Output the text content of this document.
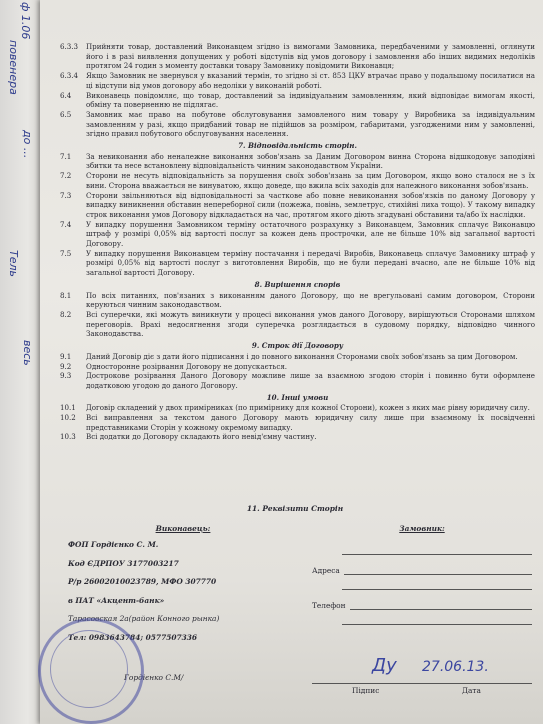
ф 1.06
повенера
до ...
Тель
весь
6.3.3 Прийняти товар, доставлений Виконавцем згідно із вимогами Замовника, передбаченими у замовленні, оглянути його і в разі виявлення допущених у роботі відступів від умов договору і замовлення або інших видимих недоліків протягом 24 годин з моменту доставки товару Замовнику повідомити Виконавця;
6.3.4 Якщо Замовник не звернувся у вказаний термін, то згідно зі ст. 853 ЦКУ втрачає право у подальшому посилатися на ці відступи від умов договору або недоліки у виконаній роботі.
6.4 Виконавець повідомляє, що товар, доставлений за індивідуальним замовленням, який відповідає вимогам якості, обміну та поверненню не підлягає.
6.5 Замовник має право на побутове обслуговування замовленого ним товару у Виробника за індивідуальним замовленням у разі, якщо придбаний товар не підійшов за розміром, габаритами, узгодженими ним у замовленні, згідно правил побутового обслуговування населення.
7. Відповідальність сторін.
7.1 За невиконання або неналежне виконання зобов'язань за Даним Договором винна Сторона відшкодовує заподіяні збитки та несе встановлену відповідальність чинним законодавством України.
7.2 Сторони не несуть відповідальність за порушення своїх зобов'язань за цим Договором, якщо воно сталося не з їх вини. Сторона вважається не винуватою, якщо доведе, що вжила всіх заходів для належного виконання зобов'язань.
7.3 Сторони звільняються від відповідальності за часткове або повне невиконання зобов'язків по даному Договору у випадку виникнення обставин непереборної сили (пожежа, повінь, землетрус, стихійні лиха тощо). У такому випадку строк виконання умов Договору відкладається на час, протягом якого діють згадувані обставини та/або їх наслідки.
7.4 У випадку порушення Замовником терміну остаточного розрахунку з Виконавцем, Замовник сплачує Виконавцю штраф у розмірі 0,05% від вартості послуг за кожен день прострочки, але не більше 10% від загальної вартості Договору.
7.5 У випадку порушення Виконавцем терміну постачання і передачі Виробів, Виконавець сплачує Замовнику штраф у розмірі 0,05% від вартості послуг з виготовлення Виробів, що не були передані вчасно, але не більше 10% від загальної вартості Договору.
8. Вирішення спорів
8.1 По всіх питаннях, пов'язаних з виконанням даного Договору, що не врегульовані самим договором, Сторони керуються чинним законодавством.
8.2 Всі суперечки, які можуть виникнути у процесі виконання умов даного Договору, вирішуються Сторонами шляхом переговорів. Врахі недосягнення згоди суперечка розглядається в судовому порядку, відповідно чинного Законодавства.
9. Строк дії Договору
9.1 Даний Договір діє з дати його підписання і до повного виконання Сторонами своїх зобов'язань за цим Договором.
9.2 Односторонне розірвання Договору не допускається.
9.3 Дострокове розірвання Даного Договору можливе лише за взаємною згодою сторін і повинно бути оформлене додатковою угодою до даного Договору.
10. Інші умови
10.1 Договір складений у двох примірниках (по примірнику для кожної Сторони), кожен з яких має рівну юридичну силу.
10.2 Всі виправлення за текстом даного Договору мають юридичну силу лише при взаємному їх посвідченні представниками Сторін у кожному окремому випадку.
10.3 Всі додатки до Договору складають його невід'ємну частину.
11. Реквізити Сторін
Виконавець:
ФОП Гордієнко С. М.
Код ЄДРПОУ 3177003217
Р/р 26002010023789, МФО 307770
в ПАТ «Акцент-банк»
Тарасовская 2а(район Конного рынка)
Тел: 0983643784; 0577507336
Гордієнко С.М/
Замовник:
Адреса
Телефон
Ду 27.06.13.
Підпис	Дата
